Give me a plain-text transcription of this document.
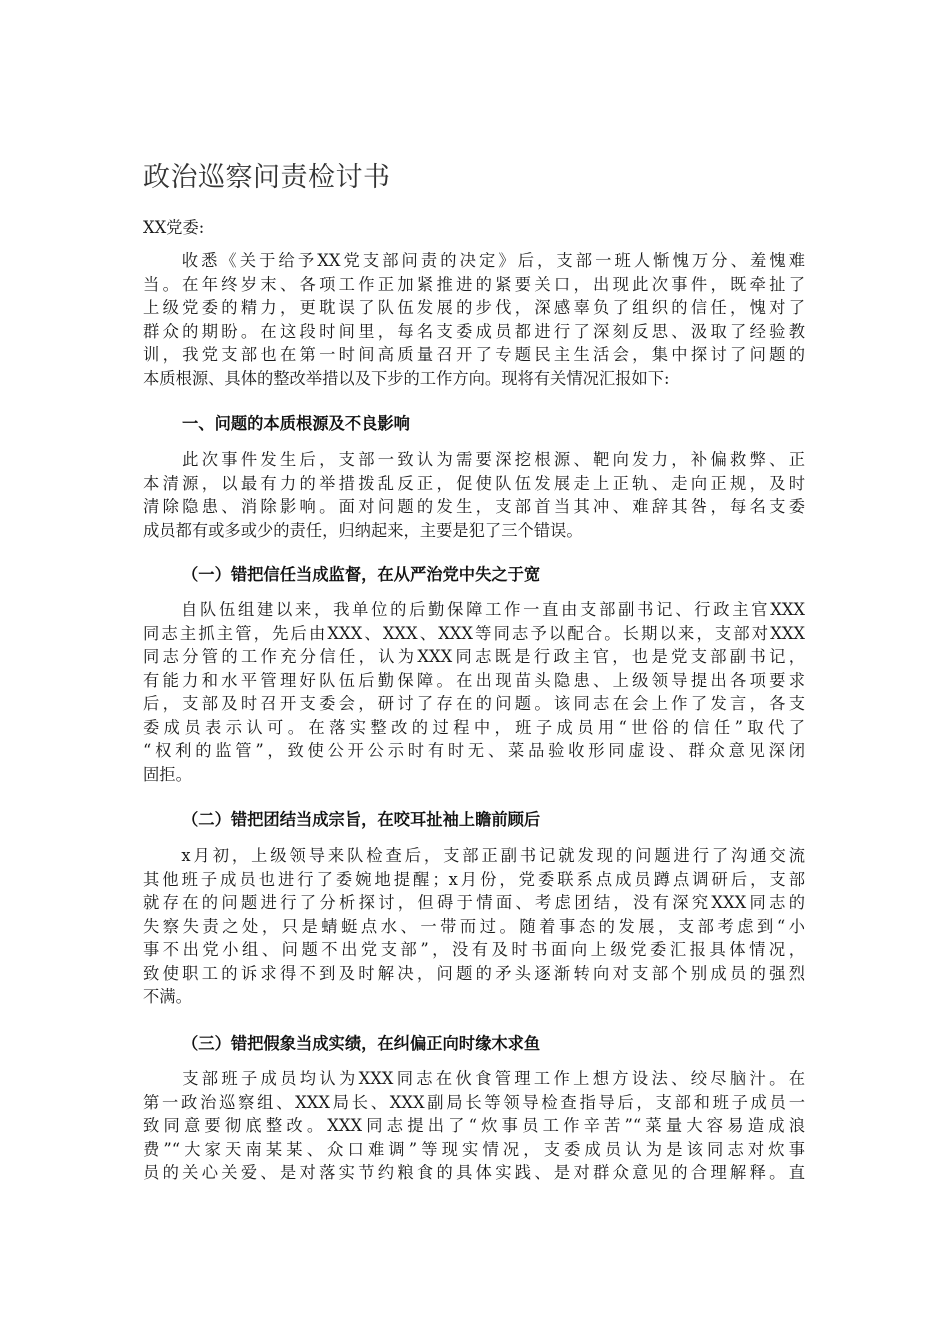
政治巡察问责检讨书
XX党委:
　　收悉《关于给予XX党支部问责的决定》后，支部一班人惭愧万分、羞愧难
当。在年终岁末、各项工作正加紧推进的紧要关口，出现此次事件，既牵扯了
上级党委的精力，更耽误了队伍发展的步伐，深感辜负了组织的信任，愧对了
群众的期盼。在这段时间里，每名支委成员都进行了深刻反思、汲取了经验教
训，我党支部也在第一时间高质量召开了专题民主生活会，集中探讨了问题的
本质根源、具体的整改举措以及下步的工作方向。现将有关情况汇报如下:
一、问题的本质根源及不良影响
　　此次事件发生后，支部一致认为需要深挖根源、靶向发力，补偏救弊、正
本清源，以最有力的举措拨乱反正，促使队伍发展走上正轨、走向正规，及时
清除隐患、消除影响。面对问题的发生，支部首当其冲、难辞其咎，每名支委
成员都有或多或少的责任，归纳起来，主要是犯了三个错误。
（一）错把信任当成监督，在从严治党中失之于宽
　　自队伍组建以来，我单位的后勤保障工作一直由支部副书记、行政主官XXX
同志主抓主管，先后由XXX、XXX、XXX等同志予以配合。长期以来，支部对XXX
同志分管的工作充分信任，认为XXX同志既是行政主官，也是党支部副书记，
有能力和水平管理好队伍后勤保障。在出现苗头隐患、上级领导提出各项要求
后，支部及时召开支委会，研讨了存在的问题。该同志在会上作了发言，各支
委成员表示认可。在落实整改的过程中，班子成员用“世俗的信任”取代了
“权利的监管”，致使公开公示时有时无、菜品验收形同虚设、群众意见深闭
固拒。
（二）错把团结当成宗旨，在咬耳扯袖上瞻前顾后
　　x月初，上级领导来队检查后，支部正副书记就发现的问题进行了沟通交流
其他班子成员也进行了委婉地提醒；x月份，党委联系点成员蹲点调研后，支部
就存在的问题进行了分析探讨，但碍于情面、考虑团结，没有深究XXX同志的
失察失责之处，只是蜻蜓点水、一带而过。随着事态的发展，支部考虑到“小
事不出党小组、问题不出党支部”，没有及时书面向上级党委汇报具体情况，
致使职工的诉求得不到及时解决，问题的矛头逐渐转向对支部个别成员的强烈
不满。
（三）错把假象当成实绩，在纠偏正向时缘木求鱼
　　支部班子成员均认为XXX同志在伙食管理工作上想方设法、绞尽脑汁。在
第一政治巡察组、XXX局长、XXX副局长等领导检查指导后，支部和班子成员一
致同意要彻底整改。XXX同志提出了“炊事员工作辛苦”“菜量大容易造成浪
费”“大家天南某某、众口难调”等现实情况，支委成员认为是该同志对炊事
员的关心关爱、是对落实节约粮食的具体实践、是对群众意见的合理解释。直
